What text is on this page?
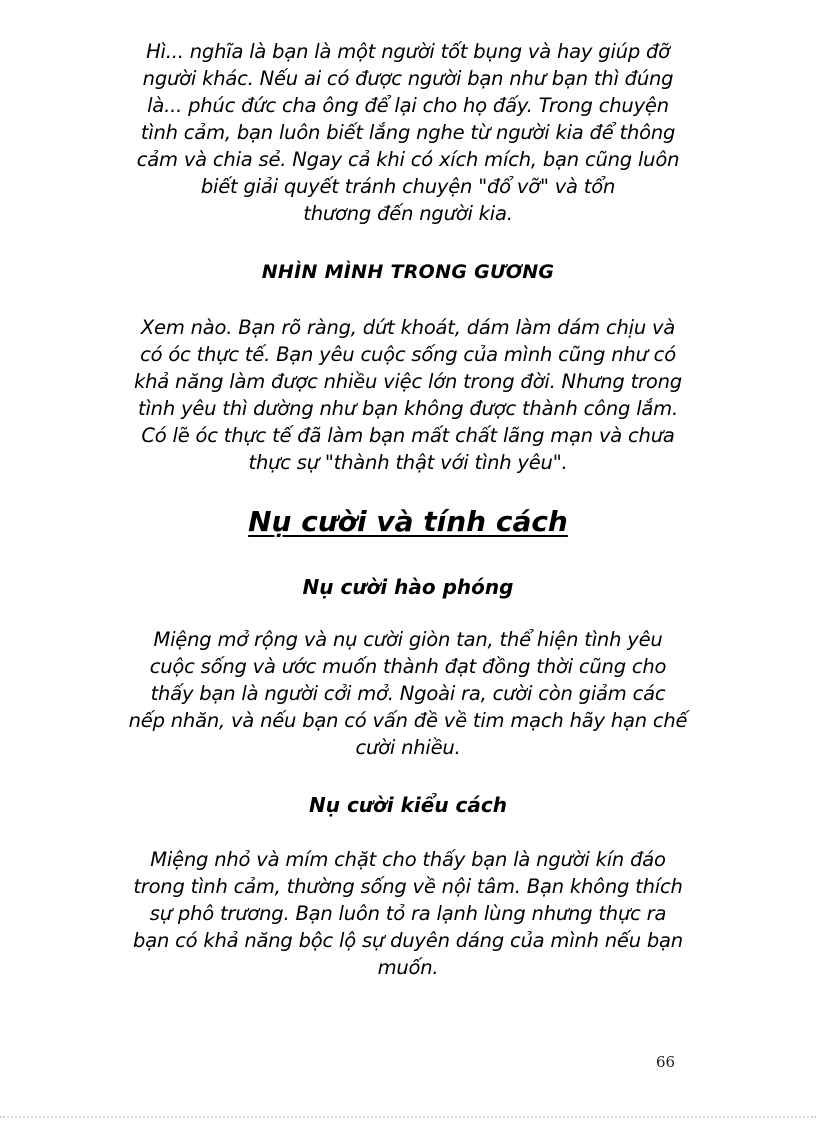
Hì... nghĩa là bạn là một người tốt bụng và hay giúp đỡ
người khác. Nếu ai có được người bạn như bạn thì đúng
là... phúc đức cha ông để lại cho họ đấy. Trong chuyện
tình cảm, bạn luôn biết lắng nghe từ người kia để thông
cảm và chia sẻ. Ngay cả khi có xích mích, bạn cũng luôn
biết giải quyết tránh chuyện "đổ vỡ" và tổn
thương đến người kia.

NHÌN MÌNH TRONG GƯƠNG

Xem nào. Bạn rõ ràng, dứt khoát, dám làm dám chịu và
có óc thực tế. Bạn yêu cuộc sống của mình cũng như có
khả năng làm được nhiều việc lớn trong đời. Nhưng trong
tình yêu thì dường như bạn không được thành công lắm.
Có lẽ óc thực tế đã làm bạn mất chất lãng mạn và chưa
thực sự "thành thật với tình yêu".

Nụ cười và tính cách
Nụ cười hào phóng

Miệng mở rộng và nụ cười giòn tan, thể hiện tình yêu
cuộc sống và ước muốn thành đạt đồng thời cũng cho
thấy bạn là người cởi mở. Ngoài ra, cười còn giảm các
nếp nhăn, và nếu bạn có vấn đề về tim mạch hãy hạn chế
cười nhiều.

Nụ cười kiểu cách

Miệng nhỏ và mím chặt cho thấy bạn là người kín đáo
trong tình cảm, thường sống về nội tâm. Bạn không thích
sự phô trương. Bạn luôn tỏ ra lạnh lùng nhưng thực ra
bạn có khả năng bộc lộ sự duyên dáng của mình nếu bạn
muốn.

66
